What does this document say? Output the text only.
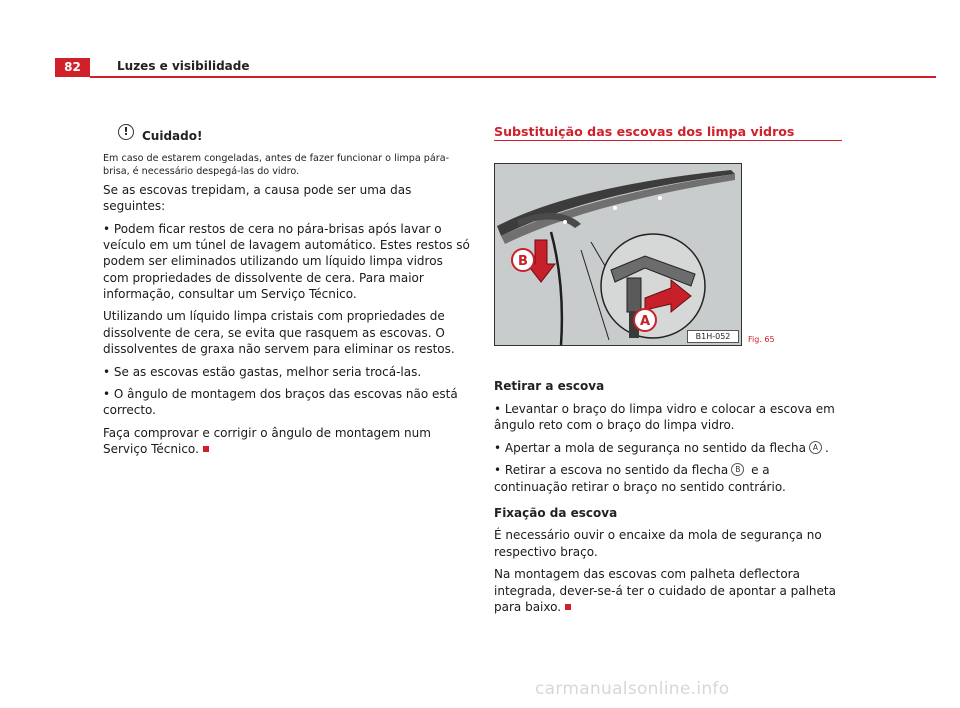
82	Luzes e visibilidade
!	Cuidado!
Em caso de estarem congeladas, antes de fazer funcionar o limpa pára-brisa, é necessário despegá-las do vidro.

Se as escovas trepidam, a causa pode ser uma das seguintes:

• Podem ficar restos de cera no pára-brisas após lavar o veículo em um túnel de lavagem automático. Estes restos só podem ser eliminados utilizando um líquido limpa vidros com propriedades de dissolvente de cera. Para maior informação, consultar um Serviço Técnico.

Utilizando um líquido limpa cristais com propriedades de dissolvente de cera, se evita que rasquem as escovas. O dissolventes de graxa não servem para eliminar os restos.

• Se as escovas estão gastas, melhor seria trocá-las.

• O ângulo de montagem dos braços das escovas não está correcto.

Faça comprovar e corrigir o ângulo de montagem num Serviço Técnico.

Substituição das escovas dos limpa vidros
B
A
B1H-052	Fig. 65

Retirar a escova

• Levantar o braço do limpa vidro e colocar a escova em ângulo reto com o braço do limpa vidro.

• Apertar a mola de segurança no sentido da flecha A .

• Retirar a escova no sentido da flecha B e a continuação retirar o braço no sentido contrário.

Fixação da escova

É necessário ouvir o encaixe da mola de segurança no respectivo braço.

Na montagem das escovas com palheta deflectora integrada, dever-se-á ter o cuidado de apontar a palheta para baixo.

carmanualsonline.info
